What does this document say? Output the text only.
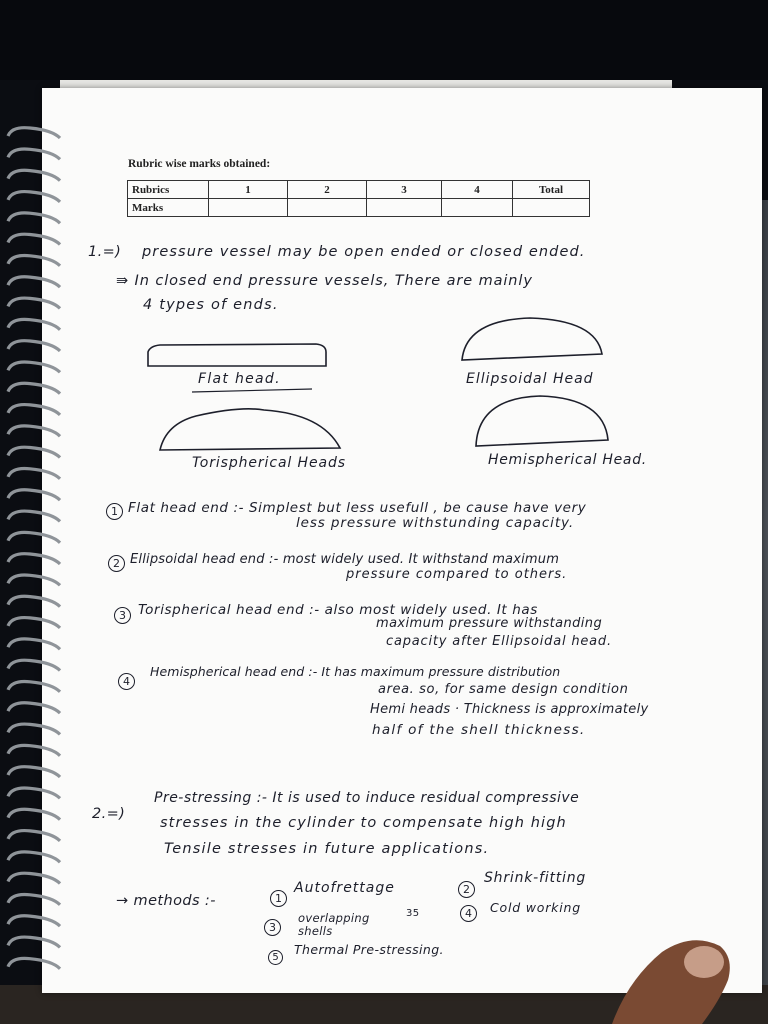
Rubric wise marks obtained:
Rubrics	1	2	3	4	Total
Marks					
1.=) pressure vessel may be open ended or closed ended.
⇛ In closed end pressure vessels, There are mainly
4 types of ends.
Flat head.	Ellipsoidal Head
Torispherical Heads	Hemispherical Head.
1 Flat head end :- Simplest but less usefull , be cause have very
less pressure withstunding capacity.
2 Ellipsoidal head end :- most widely used. It withstand maximum
pressure compared to others.
3 Torispherical head end :- also most widely used. It has
maximum pressure withstanding
capacity after Ellipsoidal head.
4
Hemispherical head end :- It has maximum pressure distribution
area. so, for same design condition
Hemi heads · Thickness is approximately
half of the shell thickness.
2.=)
Pre-stressing :- It is used to induce residual compressive
stresses in the cylinder to compensate high high
Tensile stresses in future applications.
→ methods :-	1
Autofrettage	2
Shrink-fitting
3
overlapping shells
35	4	Cold working
5
Thermal Pre-stressing.
